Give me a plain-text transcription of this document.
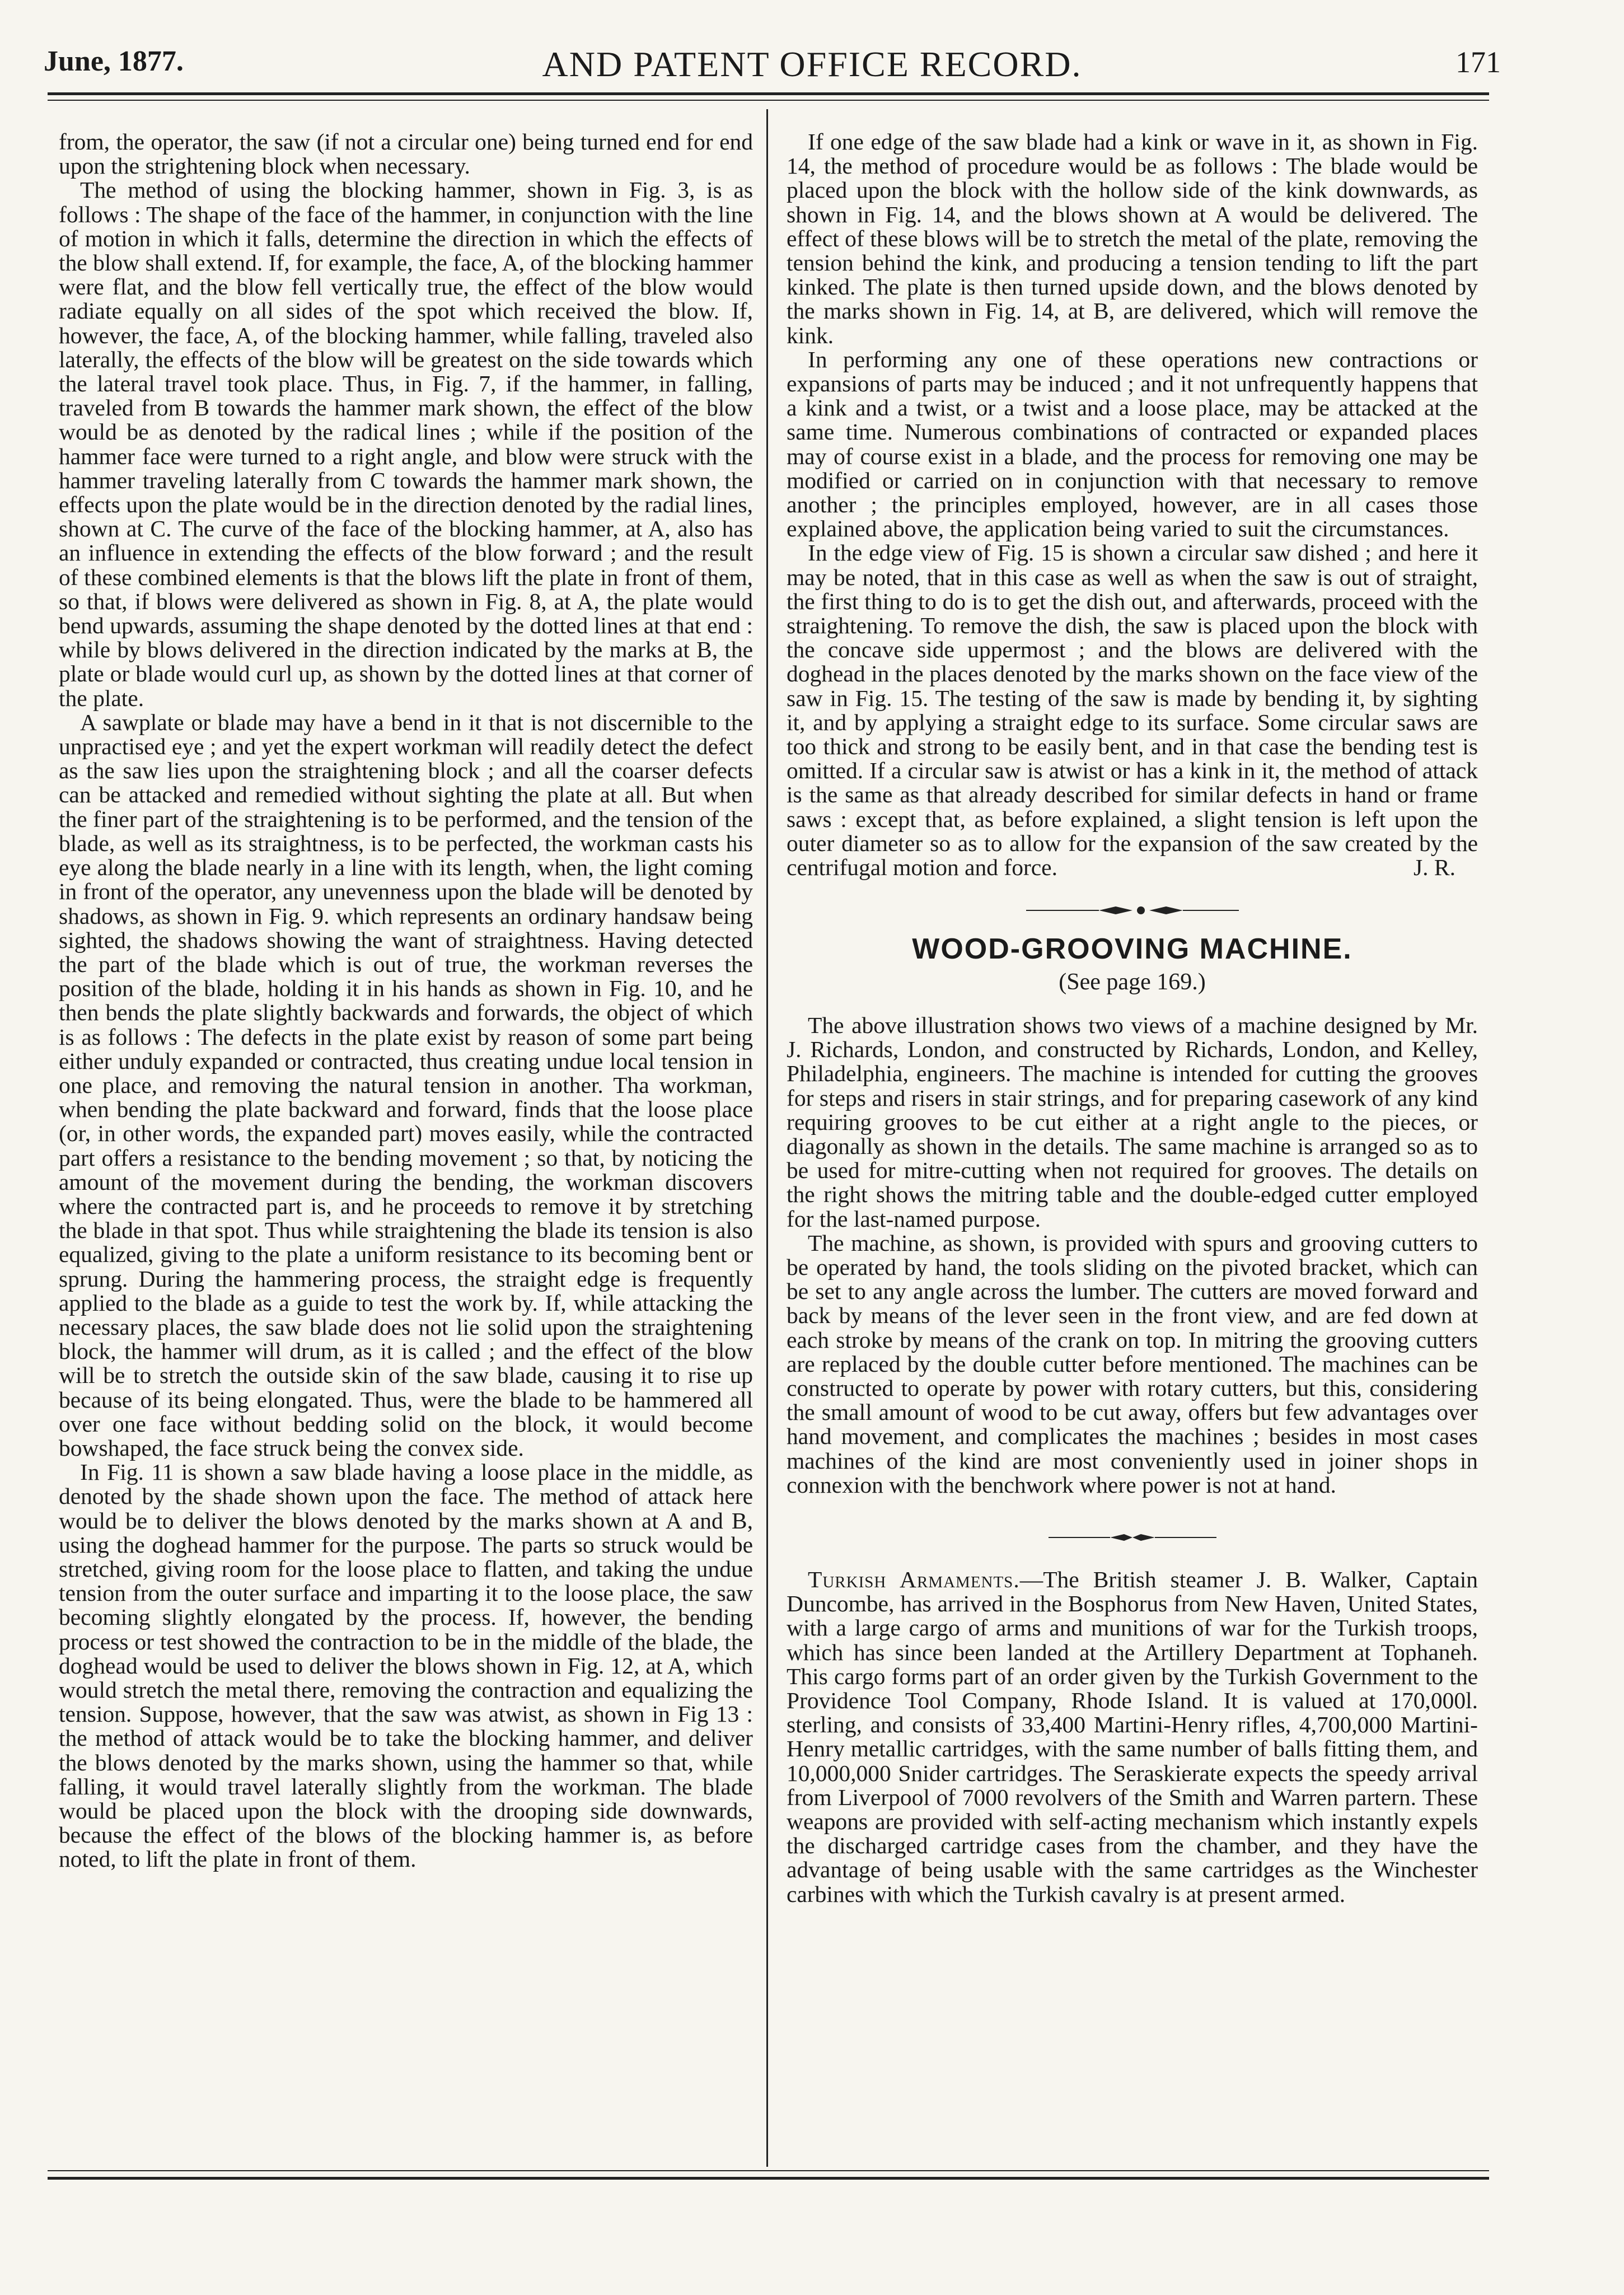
June, 1877.	AND PATENT OFFICE RECORD.	171

from, the operator, the saw (if not a circular one) being turned end for end upon the strightening block when necessary.

The method of using the blocking hammer, shown in Fig. 3, is as follows : The shape of the face of the hammer, in conjunction with the line of motion in which it falls, determine the direction in which the effects of the blow shall extend. If, for example, the face, A, of the blocking hammer were flat, and the blow fell vertically true, the effect of the blow would radiate equally on all sides of the spot which received the blow. If, however, the face, A, of the blocking hammer, while falling, traveled also laterally, the effects of the blow will be greatest on the side towards which the lateral travel took place. Thus, in Fig. 7, if the hammer, in falling, traveled from B towards the hammer mark shown, the effect of the blow would be as denoted by the radical lines ; while if the position of the hammer face were turned to a right angle, and blow were struck with the hammer traveling laterally from C towards the hammer mark shown, the effects upon the plate would be in the direction denoted by the radial lines, shown at C. The curve of the face of the blocking hammer, at A, also has an influence in extending the effects of the blow forward ; and the result of these combined elements is that the blows lift the plate in front of them, so that, if blows were delivered as shown in Fig. 8, at A, the plate would bend upwards, assuming the shape denoted by the dotted lines at that end : while by blows delivered in the direction indicated by the marks at B, the plate or blade would curl up, as shown by the dotted lines at that corner of the plate.

A sawplate or blade may have a bend in it that is not discernible to the unpractised eye ; and yet the expert workman will readily detect the defect as the saw lies upon the straightening block ; and all the coarser defects can be attacked and remedied without sighting the plate at all. But when the finer part of the straightening is to be performed, and the tension of the blade, as well as its straightness, is to be perfected, the workman casts his eye along the blade nearly in a line with its length, when, the light coming in front of the operator, any unevenness upon the blade will be denoted by shadows, as shown in Fig. 9. which represents an ordinary handsaw being sighted, the shadows showing the want of straightness. Having detected the part of the blade which is out of true, the workman reverses the position of the blade, holding it in his hands as shown in Fig. 10, and he then bends the plate slightly backwards and forwards, the object of which is as follows : The defects in the plate exist by reason of some part being either unduly expanded or contracted, thus creating undue local tension in one place, and removing the natural tension in another. Tha workman, when bending the plate backward and forward, finds that the loose place (or, in other words, the expanded part) moves easily, while the contracted part offers a resistance to the bending movement ; so that, by noticing the amount of the movement during the bending, the workman discovers where the contracted part is, and he proceeds to remove it by stretching the blade in that spot. Thus while straightening the blade its tension is also equalized, giving to the plate a uniform resistance to its becoming bent or sprung. During the hammering process, the straight edge is frequently applied to the blade as a guide to test the work by. If, while attacking the necessary places, the saw blade does not lie solid upon the straightening block, the hammer will drum, as it is called ; and the effect of the blow will be to stretch the outside skin of the saw blade, causing it to rise up because of its being elongated. Thus, were the blade to be hammered all over one face without bedding solid on the block, it would become bowshaped, the face struck being the convex side.

In Fig. 11 is shown a saw blade having a loose place in the middle, as denoted by the shade shown upon the face. The method of attack here would be to deliver the blows denoted by the marks shown at A and B, using the doghead hammer for the purpose. The parts so struck would be stretched, giving room for the loose place to flatten, and taking the undue tension from the outer surface and imparting it to the loose place, the saw becoming slightly elongated by the process. If, however, the bending process or test showed the contraction to be in the middle of the blade, the doghead would be used to deliver the blows shown in Fig. 12, at A, which would stretch the metal there, removing the contraction and equalizing the tension. Suppose, however, that the saw was atwist, as shown in Fig 13 : the method of attack would be to take the blocking hammer, and deliver the blows denoted by the marks shown, using the hammer so that, while falling, it would travel laterally slightly from the workman. The blade would be placed upon the block with the drooping side downwards, because the effect of the blows of the blocking hammer is, as before noted, to lift the plate in front of them.

If one edge of the saw blade had a kink or wave in it, as shown in Fig. 14, the method of procedure would be as follows : The blade would be placed upon the block with the hollow side of the kink downwards, as shown in Fig. 14, and the blows shown at A would be delivered. The effect of these blows will be to stretch the metal of the plate, removing the tension behind the kink, and producing a tension tending to lift the part kinked. The plate is then turned upside down, and the blows denoted by the marks shown in Fig. 14, at B, are delivered, which will remove the kink.

In performing any one of these operations new contractions or expansions of parts may be induced ; and it not unfrequently happens that a kink and a twist, or a twist and a loose place, may be attacked at the same time. Numerous combinations of contracted or expanded places may of course exist in a blade, and the process for removing one may be modified or carried on in conjunction with that necessary to remove another ; the principles employed, however, are in all cases those explained above, the application being varied to suit the circumstances.

In the edge view of Fig. 15 is shown a circular saw dished ; and here it may be noted, that in this case as well as when the saw is out of straight, the first thing to do is to get the dish out, and afterwards, proceed with the straightening. To remove the dish, the saw is placed upon the block with the concave side uppermost ; and the blows are delivered with the doghead in the places denoted by the marks shown on the face view of the saw in Fig. 15. The testing of the saw is made by bending it, by sighting it, and by applying a straight edge to its surface. Some circular saws are too thick and strong to be easily bent, and in that case the bending test is omitted. If a circular saw is atwist or has a kink in it, the method of attack is the same as that already described for similar defects in hand or frame saws : except that, as before explained, a slight tension is left upon the outer diameter so as to allow for the expansion of the saw created by the centrifugal motion and force.	J. R.

WOOD-GROOVING MACHINE.
(See page 169.)

The above illustration shows two views of a machine designed by Mr. J. Richards, London, and constructed by Richards, London, and Kelley, Philadelphia, engineers. The machine is intended for cutting the grooves for steps and risers in stair strings, and for preparing casework of any kind requiring grooves to be cut either at a right angle to the pieces, or diagonally as shown in the details. The same machine is arranged so as to be used for mitre-cutting when not required for grooves. The details on the right shows the mitring table and the double-edged cutter employed for the last-named purpose.

The machine, as shown, is provided with spurs and grooving cutters to be operated by hand, the tools sliding on the pivoted bracket, which can be set to any angle across the lumber. The cutters are moved forward and back by means of the lever seen in the front view, and are fed down at each stroke by means of the crank on top. In mitring the grooving cutters are replaced by the double cutter before mentioned. The machines can be constructed to operate by power with rotary cutters, but this, considering the small amount of wood to be cut away, offers but few advantages over hand movement, and complicates the machines ; besides in most cases machines of the kind are most conveniently used in joiner shops in connexion with the benchwork where power is not at hand.

Turkish Armaments.—The British steamer J. B. Walker, Captain Duncombe, has arrived in the Bosphorus from New Haven, United States, with a large cargo of arms and munitions of war for the Turkish troops, which has since been landed at the Artillery Department at Tophaneh. This cargo forms part of an order given by the Turkish Government to the Providence Tool Company, Rhode Island. It is valued at 170,000l. sterling, and consists of 33,400 Martini-Henry rifles, 4,700,000 Martini-Henry metallic cartridges, with the same number of balls fitting them, and 10,000,000 Snider cartridges. The Seraskierate expects the speedy arrival from Liverpool of 7000 revolvers of the Smith and Warren partern. These weapons are provided with self-acting mechanism which instantly expels the discharged cartridge cases from the chamber, and they have the advantage of being usable with the same cartridges as the Winchester carbines with which the Turkish cavalry is at present armed.
